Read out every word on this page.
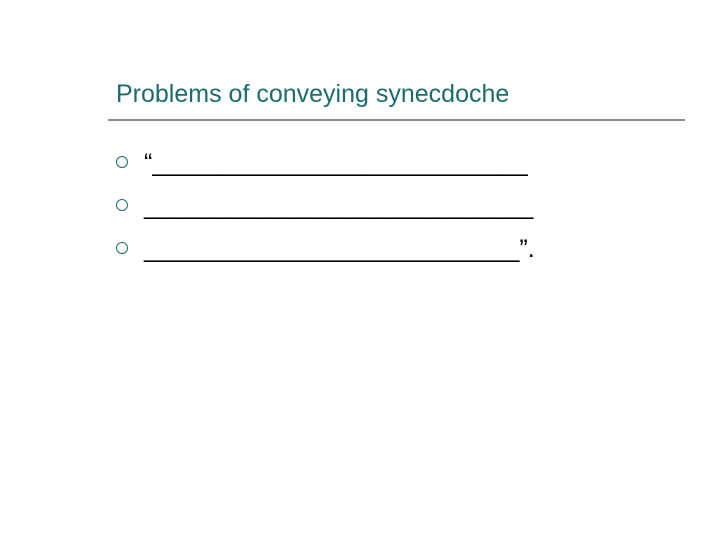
Problems of conveying synecdoche
“___________________________
____________________________
___________________________”.
